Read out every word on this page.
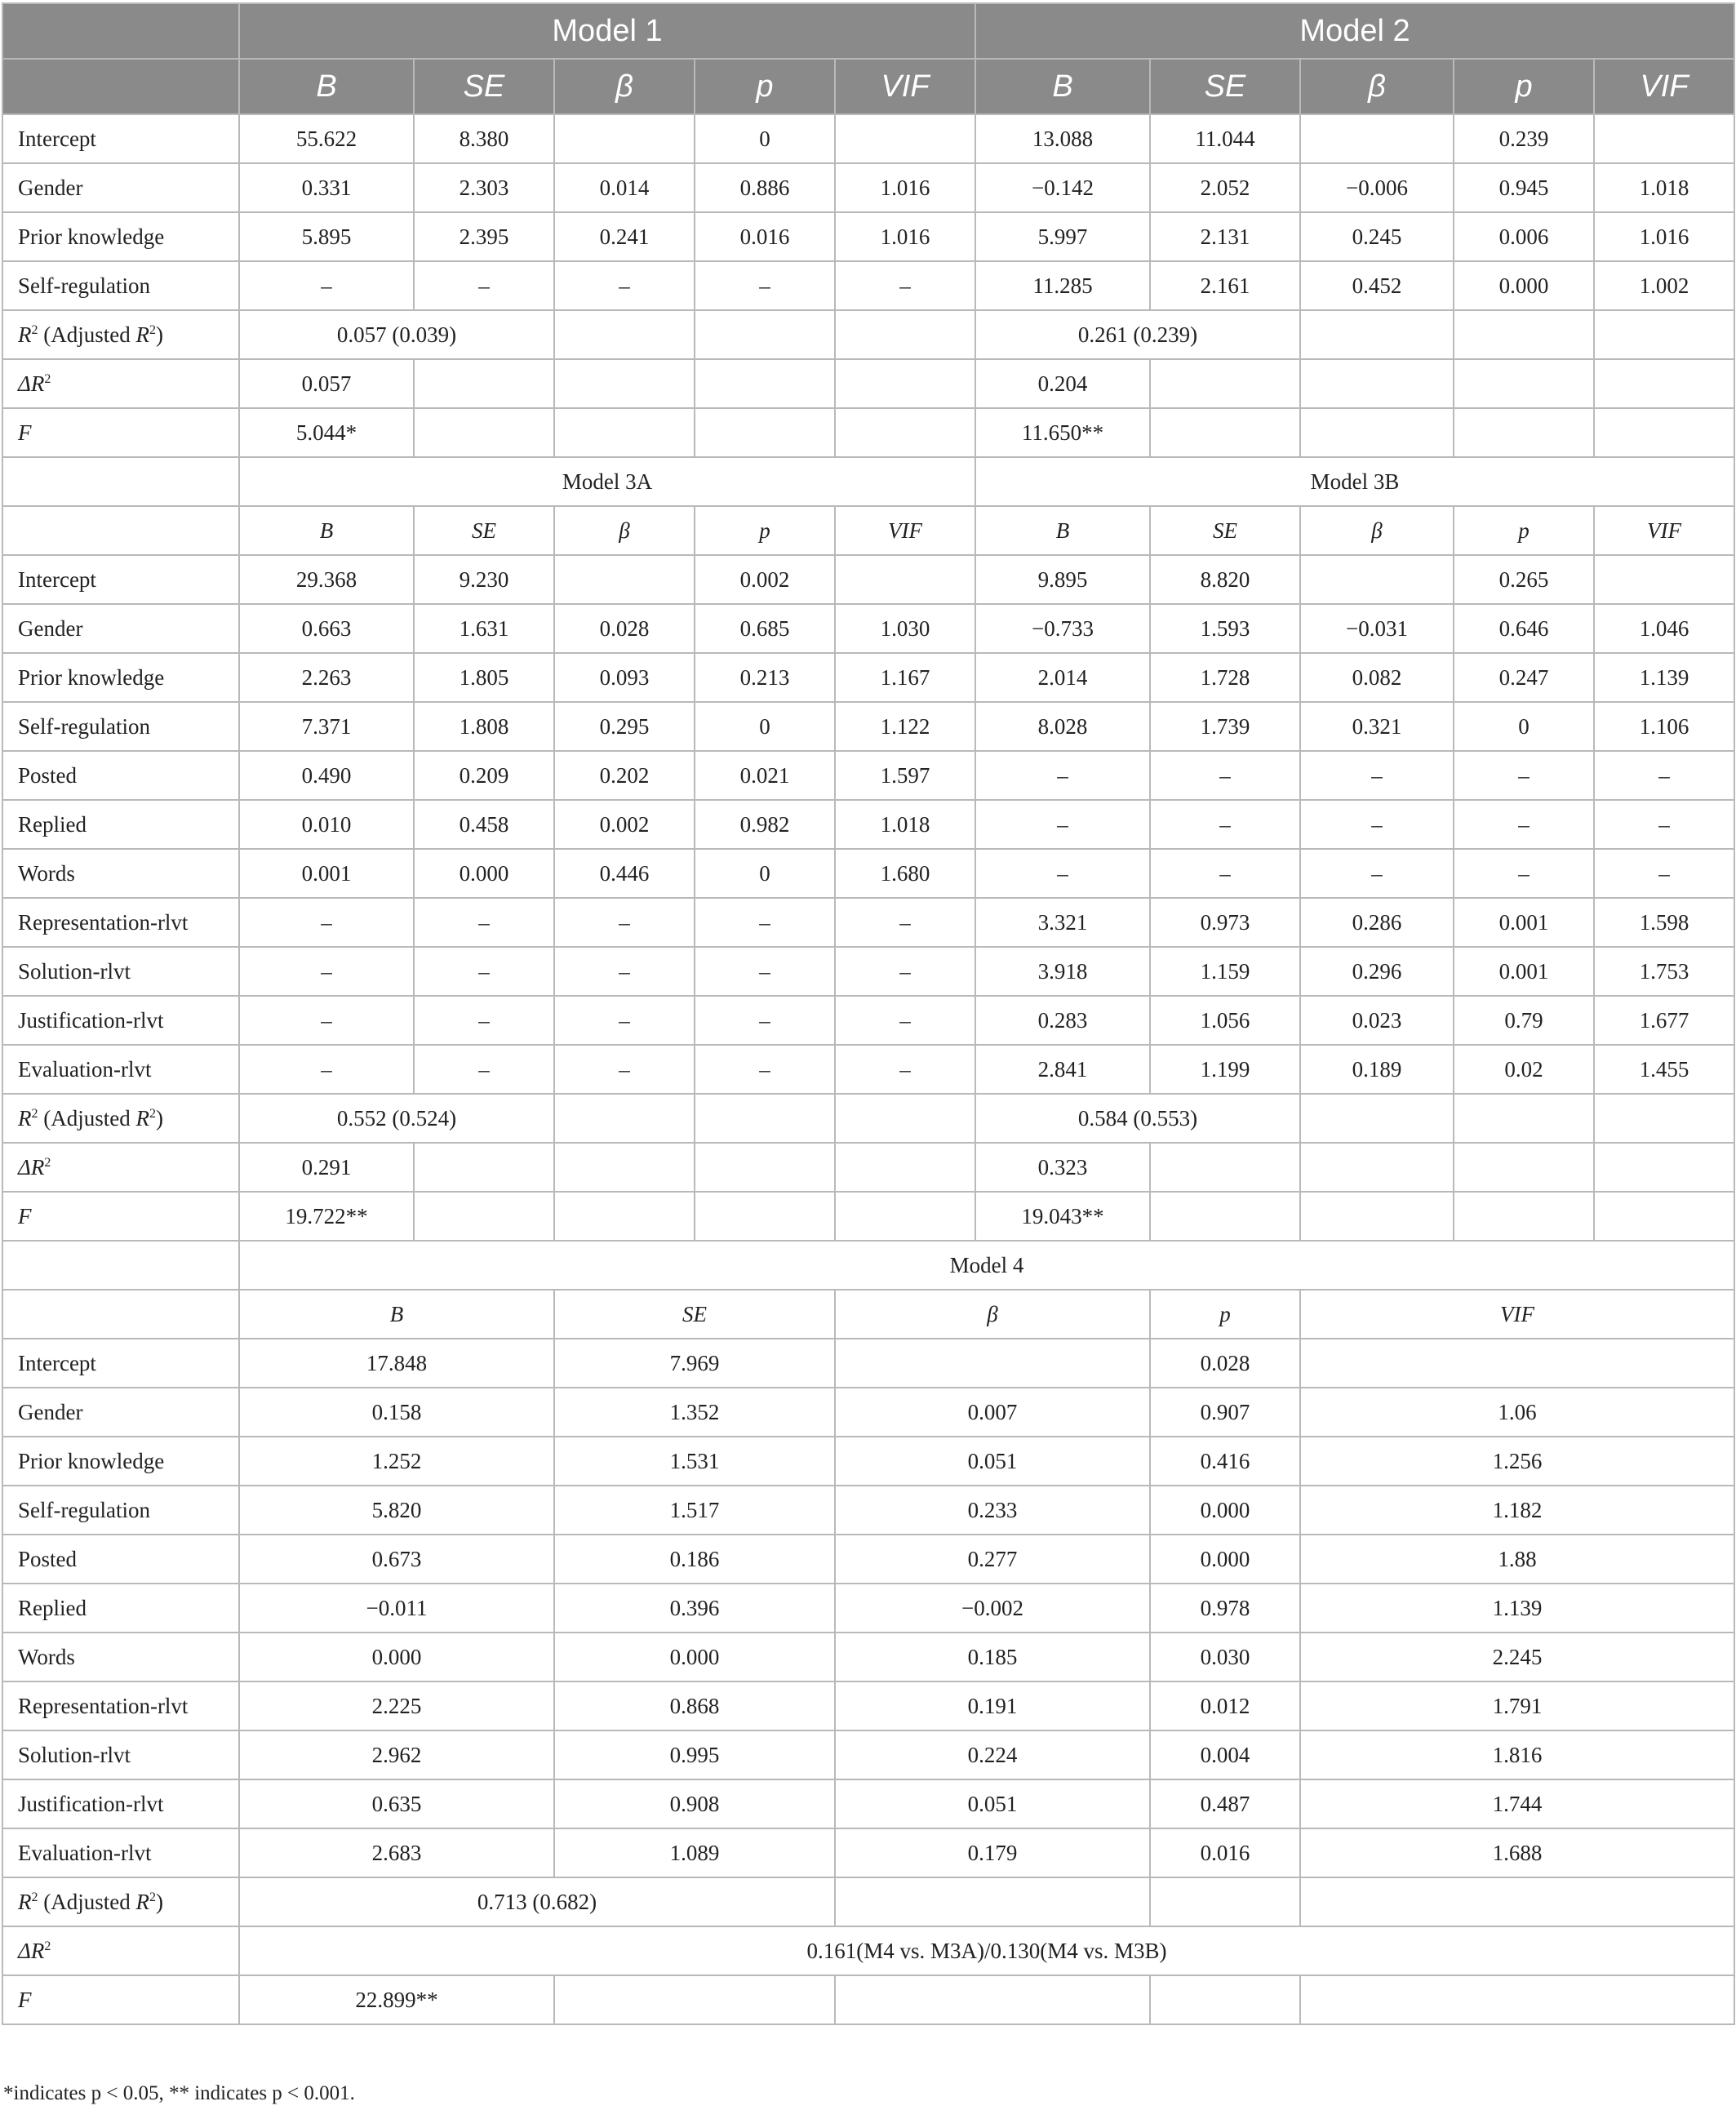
	Model 1					Model 2				
	B	SE	β	p	VIF	B	SE	β	p	VIF
Intercept	55.622	8.380		0		13.088	11.044		0.239	
Gender	0.331	2.303	0.014	0.886	1.016	−0.142	2.052	−0.006	0.945	1.018
Prior knowledge	5.895	2.395	0.241	0.016	1.016	5.997	2.131	0.245	0.006	1.016
Self-regulation	–	–	–	–	–	11.285	2.161	0.452	0.000	1.002
$R^2$ (Adjusted $R^2$)	0.057 (0.039)					0.261 (0.239)				
$\Delta R^2$	0.057					0.204				
F	5.044*					11.650**				
	Model 3A					Model 3B				
	B	SE	β	p	VIF	B	SE	β	p	VIF
Intercept	29.368	9.230		0.002		9.895	8.820		0.265	
Gender	0.663	1.631	0.028	0.685	1.030	−0.733	1.593	−0.031	0.646	1.046
Prior knowledge	2.263	1.805	0.093	0.213	1.167	2.014	1.728	0.082	0.247	1.139
Self-regulation	7.371	1.808	0.295	0	1.122	8.028	1.739	0.321	0	1.106
Posted	0.490	0.209	0.202	0.021	1.597	–	–	–	–	–
Replied	0.010	0.458	0.002	0.982	1.018	–	–	–	–	–
Words	0.001	0.000	0.446	0	1.680	–	–	–	–	–
Representation-rlvt	–	–	–	–	–	3.321	0.973	0.286	0.001	1.598
Solution-rlvt	–	–	–	–	–	3.918	1.159	0.296	0.001	1.753
Justification-rlvt	–	–	–	–	–	0.283	1.056	0.023	0.79	1.677
Evaluation-rlvt	–	–	–	–	–	2.841	1.199	0.189	0.02	1.455
$R^2$ (Adjusted $R^2$)	0.552 (0.524)					0.584 (0.553)				
$\Delta R^2$	0.291					0.323				
F	19.722**					19.043**				
	Model 4									
	B		SE		β		p	VIF		
Intercept	17.848		7.969				0.028			
Gender	0.158		1.352		0.007		0.907	1.06		
Prior knowledge	1.252		1.531		0.051		0.416	1.256		
Self-regulation	5.820		1.517		0.233		0.000	1.182		
Posted	0.673		0.186		0.277		0.000	1.88		
Replied	−0.011		0.396		−0.002		0.978	1.139		
Words	0.000		0.000		0.185		0.030	2.245		
Representation-rlvt	2.225		0.868		0.191		0.012	1.791		
Solution-rlvt	2.962		0.995		0.224		0.004	1.816		
Justification-rlvt	0.635		0.908		0.051		0.487	1.744		
Evaluation-rlvt	2.683		1.089		0.179		0.016	1.688		
$R^2$ (Adjusted $R^2$)	0.713 (0.682)									
$\Delta R^2$	0.161(M4 vs. M3A)/0.130(M4 vs. M3B)									
F	22.899**									
*indicates p < 0.05, ** indicates p < 0.001.
